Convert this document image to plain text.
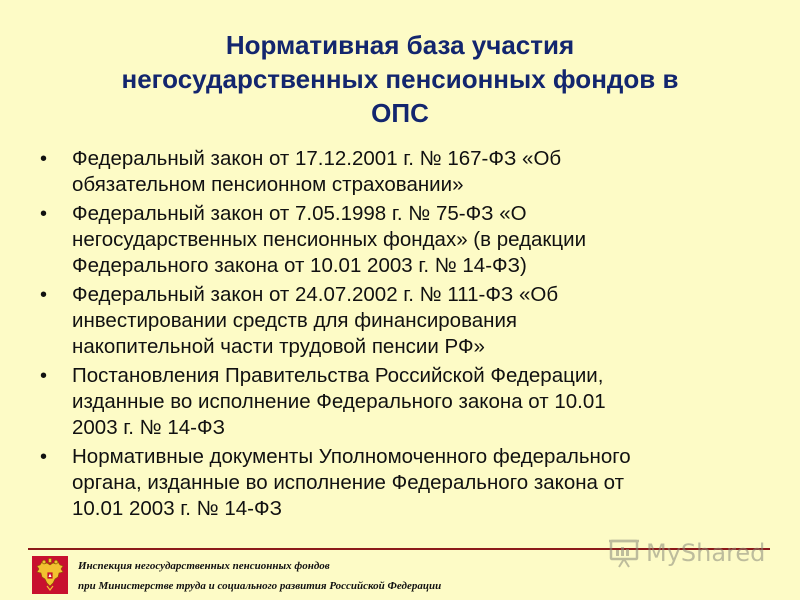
Нормативная база участия
негосударственных пенсионных фондов в
ОПС
• Федеральный закон от 17.12.2001 г. № 167-ФЗ «Об
обязательном пенсионном страховании»
• Федеральный закон от 7.05.1998 г. № 75-ФЗ «О
негосударственных пенсионных фондах» (в редакции
Федерального закона от 10.01 2003 г. № 14-ФЗ)
• Федеральный закон от 24.07.2002 г. № 111-ФЗ «Об
инвестировании средств для финансирования
накопительной части трудовой пенсии РФ»
• Постановления Правительства Российской Федерации,
изданные во исполнение Федерального закона от 10.01
2003 г. № 14-ФЗ
• Нормативные документы Уполномоченного федерального
органа, изданные во исполнение Федерального закона от
10.01 2003 г. № 14-ФЗ
Инспекция негосударственных пенсионных фондов
при Министерстве труда и социального развития Российской Федерации
MyShared
